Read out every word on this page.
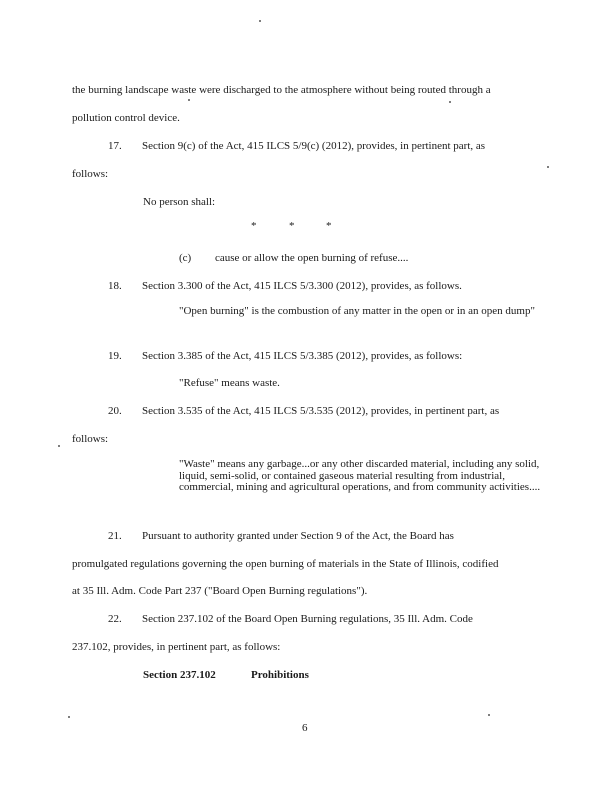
the burning landscape waste were discharged to the atmosphere without being routed through a
pollution control device.
17. Section 9(c) of the Act, 415 ILCS 5/9(c) (2012), provides, in pertinent part, as
follows:
No person shall:
*	*	*
(c) cause or allow the open burning of refuse....
18. Section 3.300 of the Act, 415 ILCS 5/3.300 (2012), provides, as follows.
"Open burning" is the combustion of any matter in the open or in an open dump"
19. Section 3.385 of the Act, 415 ILCS 5/3.385 (2012), provides, as follows:
"Refuse" means waste.
20. Section 3.535 of the Act, 415 ILCS 5/3.535 (2012), provides, in pertinent part, as
follows:
"Waste" means any garbage...or any other discarded material, including any solid, liquid, semi-solid, or contained gaseous material resulting from industrial, commercial, mining and agricultural operations, and from community activities....
21. Pursuant to authority granted under Section 9 of the Act, the Board has
promulgated regulations governing the open burning of materials in the State of Illinois, codified
at 35 Ill. Adm. Code Part 237 ("Board Open Burning regulations").
22. Section 237.102 of the Board Open Burning regulations, 35 Ill. Adm. Code
237.102, provides, in pertinent part, as follows:
Section 237.102	Prohibitions
6
